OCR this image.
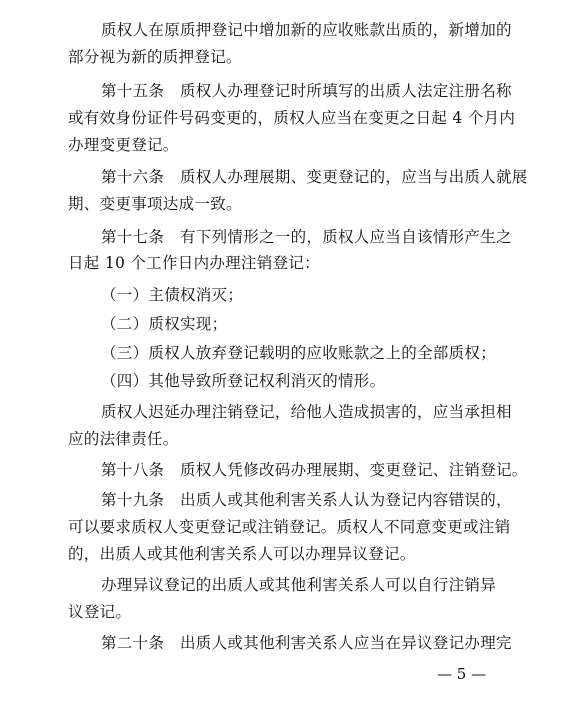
质权人在原质押登记中增加新的应收账款出质的，新增加的
部分视为新的质押登记。
第十五条　质权人办理登记时所填写的出质人法定注册名称
或有效身份证件号码变更的，质权人应当在变更之日起 4 个月内
办理变更登记。
第十六条　质权人办理展期、变更登记的，应当与出质人就展
期、变更事项达成一致。
第十七条　有下列情形之一的，质权人应当自该情形产生之
日起 10 个工作日内办理注销登记：
（一）主债权消灭；
（二）质权实现；
（三）质权人放弃登记载明的应收账款之上的全部质权；
（四）其他导致所登记权利消灭的情形。
质权人迟延办理注销登记，给他人造成损害的，应当承担相
应的法律责任。
第十八条　质权人凭修改码办理展期、变更登记、注销登记。
第十九条　出质人或其他利害关系人认为登记内容错误的，
可以要求质权人变更登记或注销登记。质权人不同意变更或注销
的，出质人或其他利害关系人可以办理异议登记。
办理异议登记的出质人或其他利害关系人可以自行注销异
议登记。
第二十条　出质人或其他利害关系人应当在异议登记办理完
— 5 —
